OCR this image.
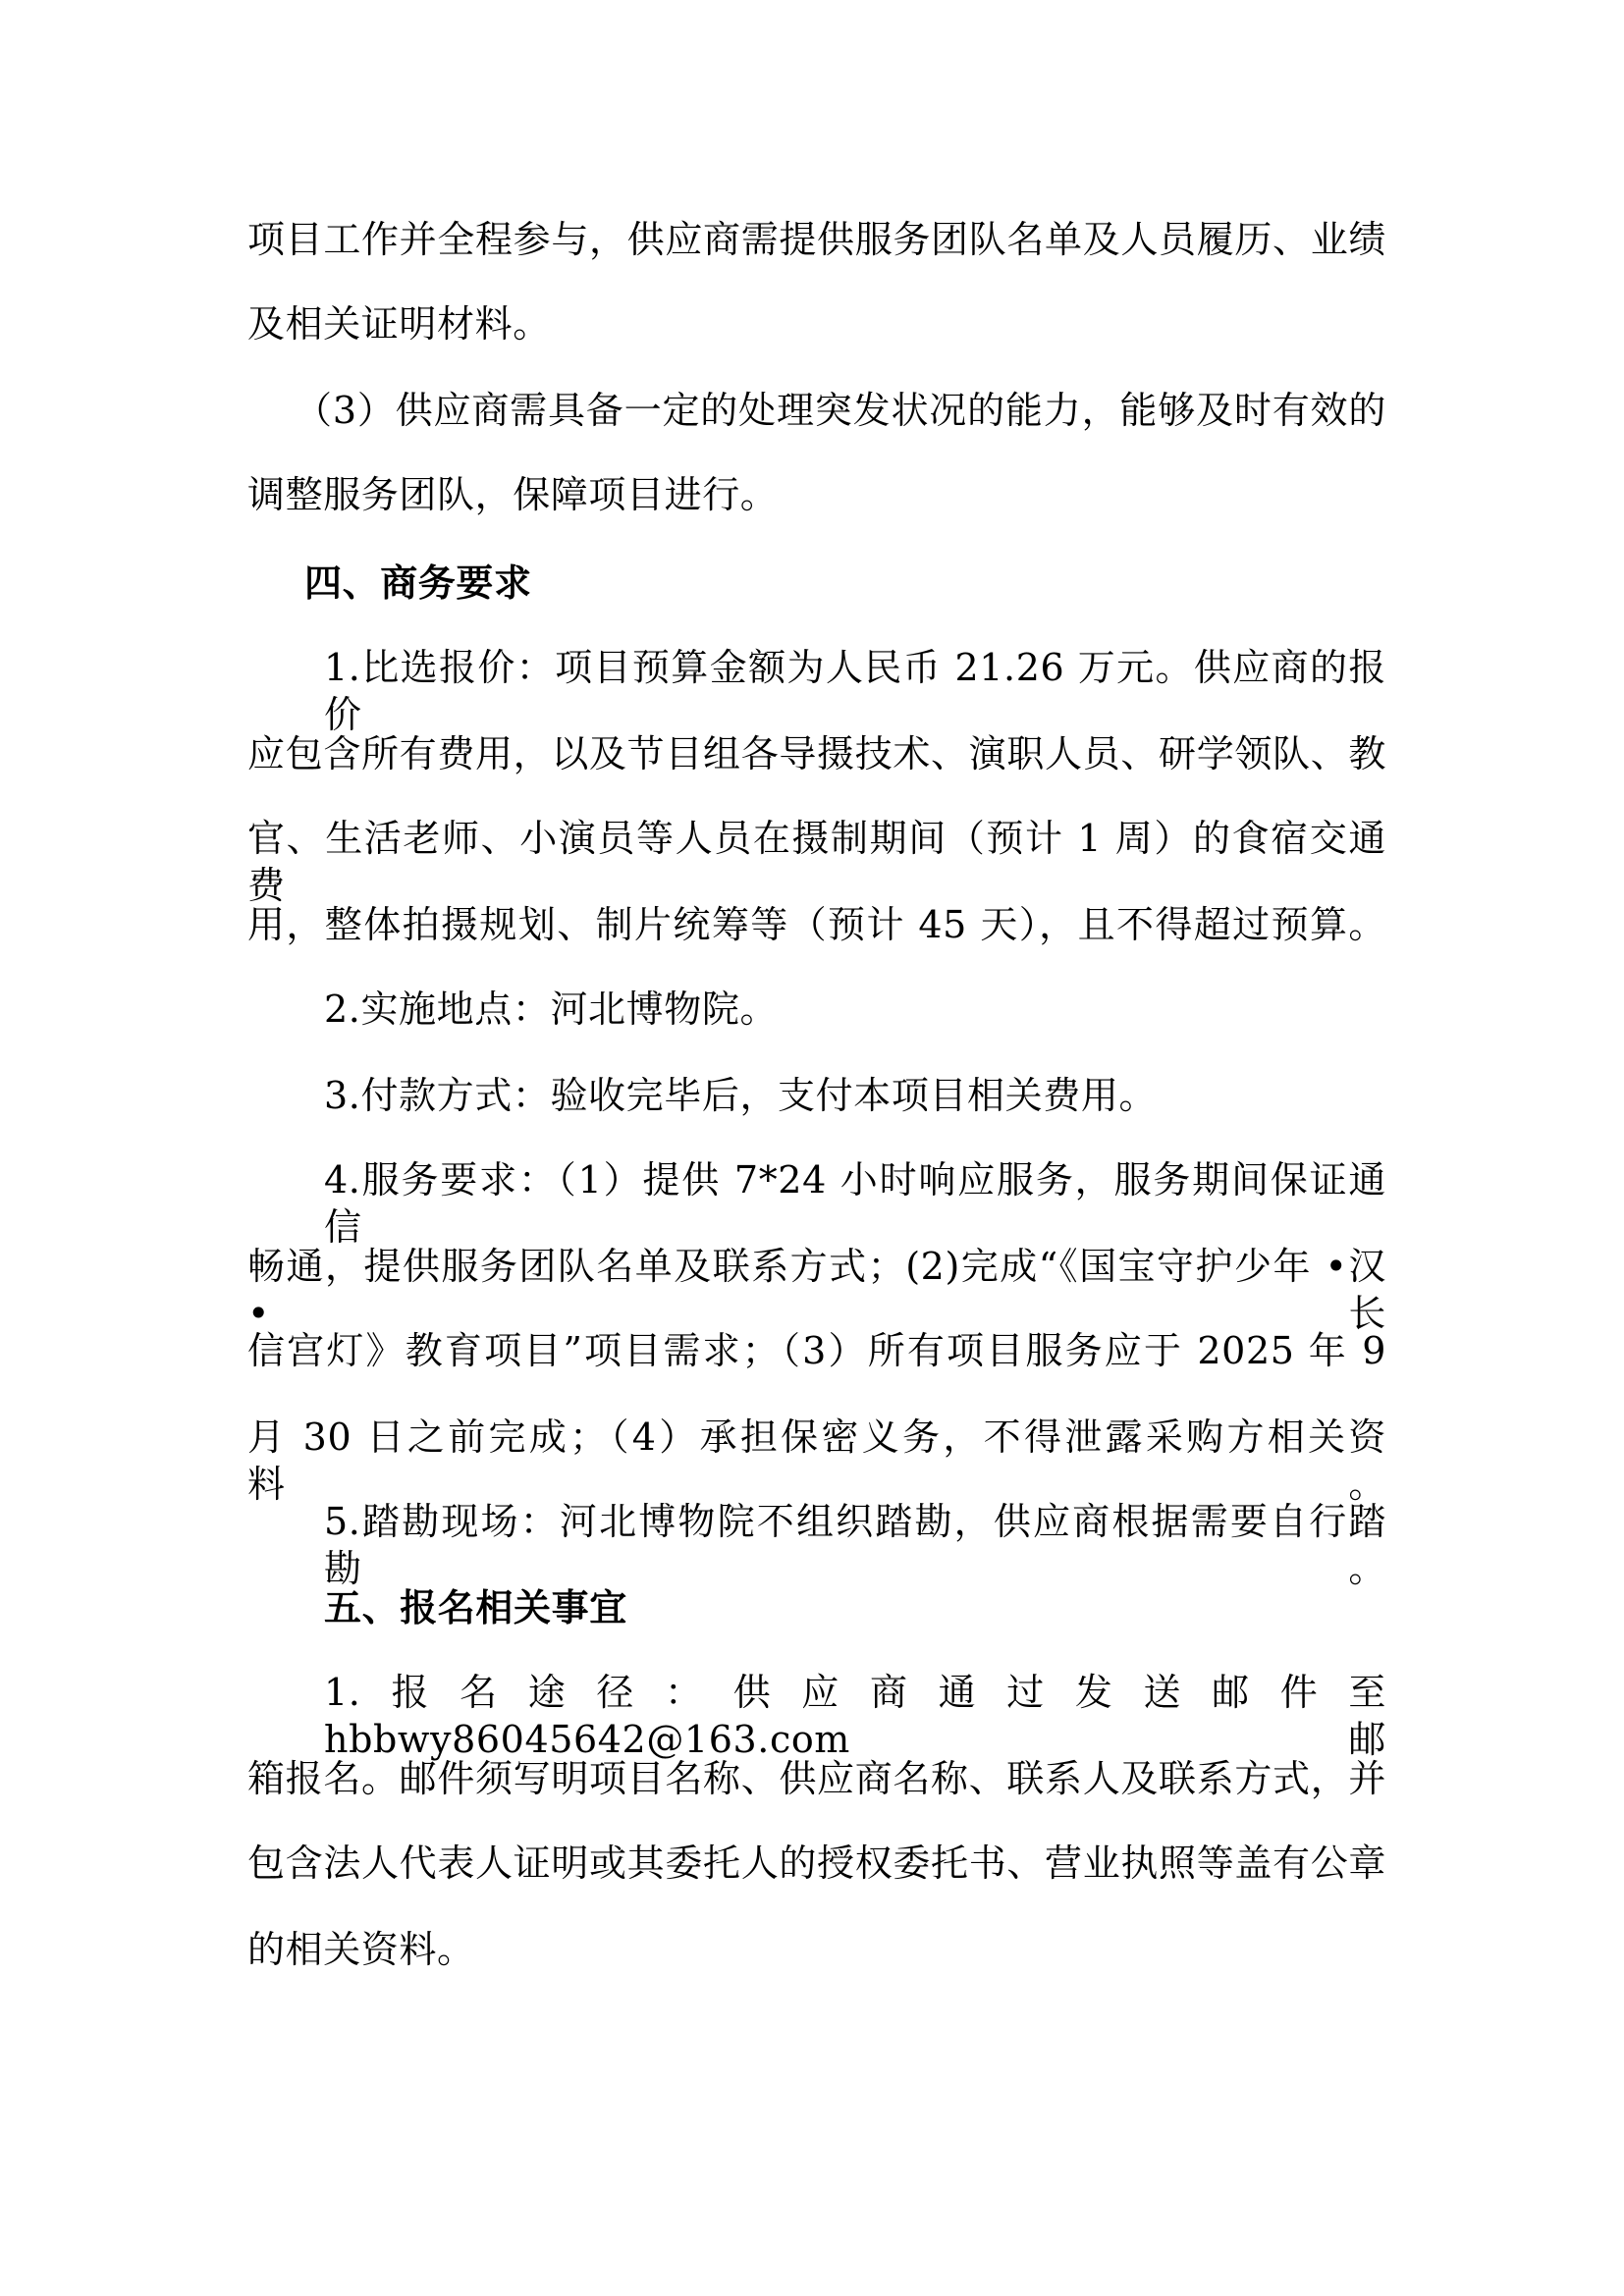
项目工作并全程参与，供应商需提供服务团队名单及人员履历、业绩
及相关证明材料。
（3）供应商需具备一定的处理突发状况的能力，能够及时有效的
调整服务团队，保障项目进行。
四、商务要求
1.比选报价：项目预算金额为人民币 21.26 万元。供应商的报价
应包含所有费用，以及节目组各导摄技术、演职人员、研学领队、教
官、生活老师、小演员等人员在摄制期间（预计 1 周）的食宿交通费
用，整体拍摄规划、制片统筹等（预计 45 天），且不得超过预算。
2.实施地点：河北博物院。
3.付款方式：验收完毕后，支付本项目相关费用。
4.服务要求：（1）提供 7*24 小时响应服务，服务期间保证通信
畅通，提供服务团队名单及联系方式；(2)完成“《国宝守护少年 •汉 •长
信宫灯》教育项目”项目需求；（3）所有项目服务应于 2025 年 9
月 30 日之前完成；（4）承担保密义务，不得泄露采购方相关资料。
5.踏勘现场：河北博物院不组织踏勘，供应商根据需要自行踏勘。
五、报名相关事宜
1.报名途径：供应商通过发送邮件至 hbbwy86045642@163.com 邮
箱报名。邮件须写明项目名称、供应商名称、联系人及联系方式，并
包含法人代表人证明或其委托人的授权委托书、营业执照等盖有公章
的相关资料。
